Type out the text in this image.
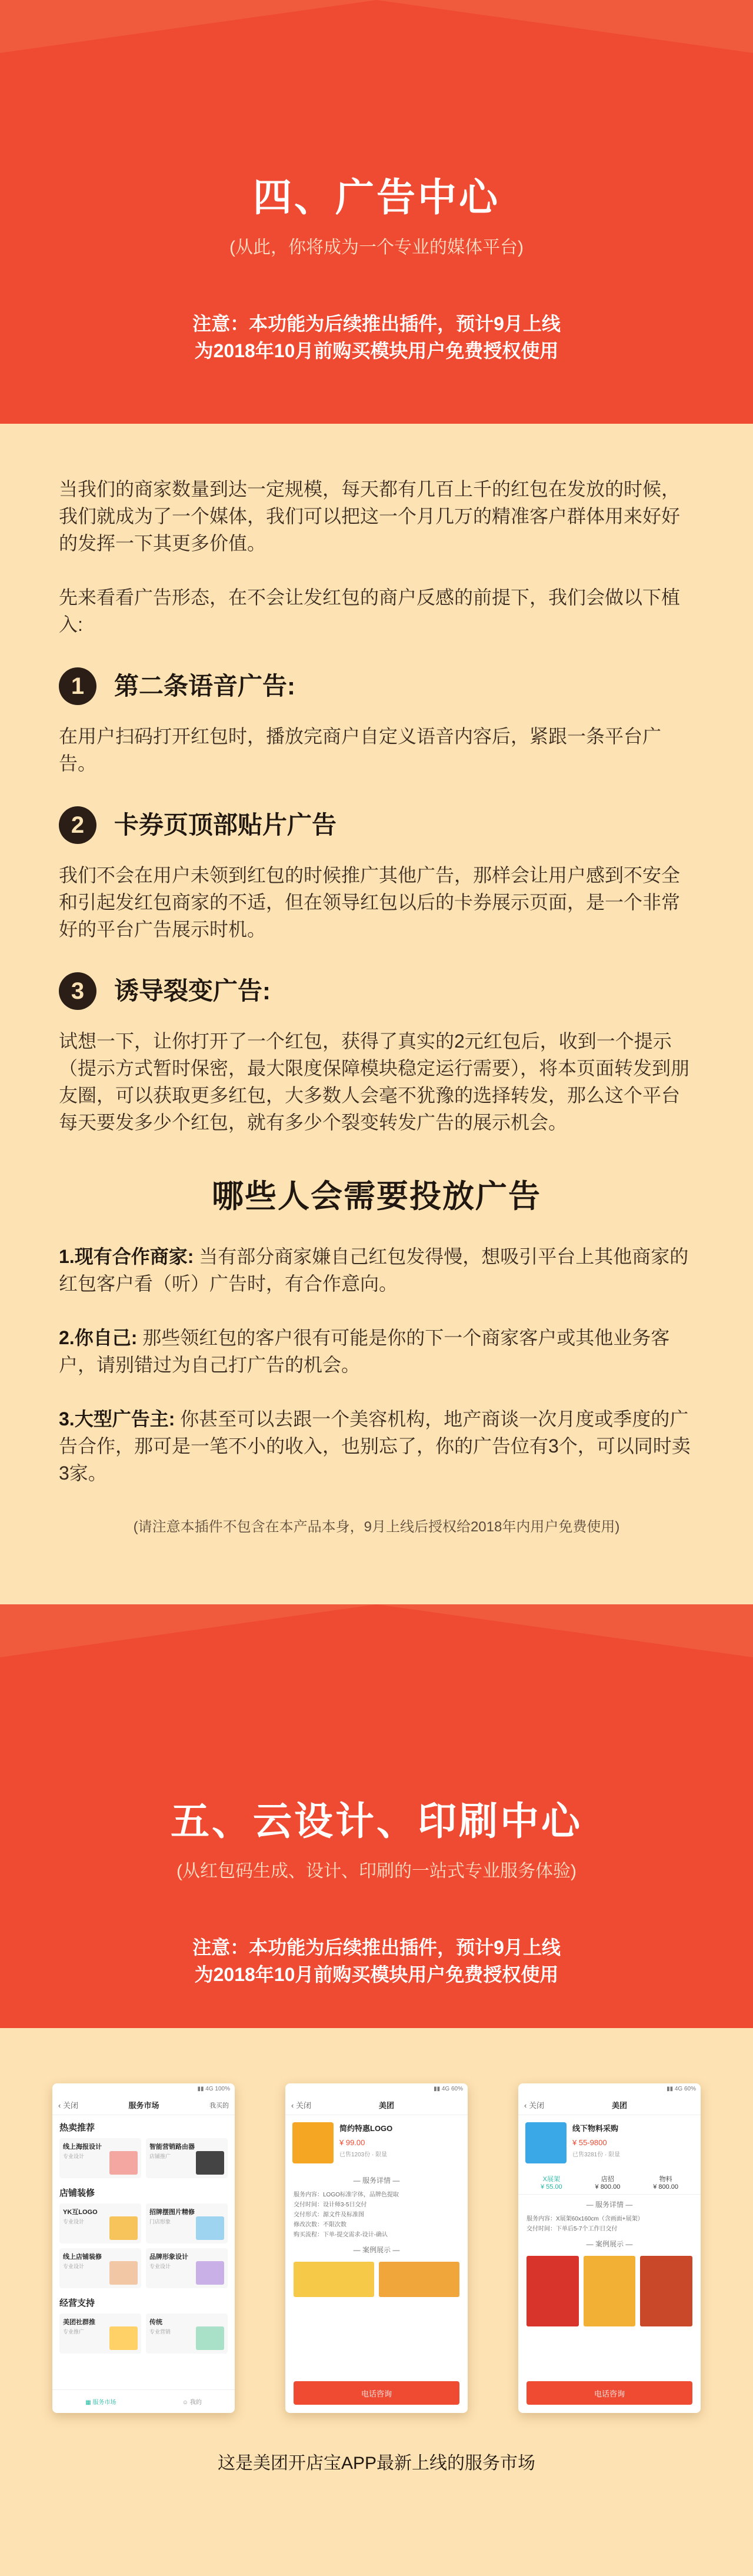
四、广告中心
(从此，你将成为一个专业的媒体平台)
注意：本功能为后续推出插件，预计9月上线
为2018年10月前购买模块用户免费授权使用

当我们的商家数量到达一定规模，每天都有几百上千的红包在发放的时候，我们就成为了一个媒体，我们可以把这一个月几万的精准客户群体用来好好的发挥一下其更多价值。

先来看看广告形态，在不会让发红包的商户反感的前提下，我们会做以下植入:

1	第二条语音广告:
在用户扫码打开红包时，播放完商户自定义语音内容后，紧跟一条平台广告。
2	卡券页顶部贴片广告
我们不会在用户未领到红包的时候推广其他广告，那样会让用户感到不安全和引起发红包商家的不适，但在领导红包以后的卡券展示页面，是一个非常好的平台广告展示时机。
3	诱导裂变广告:
试想一下，让你打开了一个红包，获得了真实的2元红包后，收到一个提示（提示方式暂时保密，最大限度保障模块稳定运行需要），将本页面转发到朋友圈，可以获取更多红包，大多数人会毫不犹豫的选择转发，那么这个平台每天要发多少个红包，就有多少个裂变转发广告的展示机会。
哪些人会需要投放广告

1.现有合作商家: 当有部分商家嫌自己红包发得慢，想吸引平台上其他商家的红包客户看（听）广告时，有合作意向。

2.你自己: 那些领红包的客户很有可能是你的下一个商家客户或其他业务客户，请别错过为自己打广告的机会。

3.大型广告主: 你甚至可以去跟一个美容机构，地产商谈一次月度或季度的广告合作，那可是一笔不小的收入，也别忘了，你的广告位有3个，可以同时卖3家。

(请注意本插件不包含在本产品本身，9月上线后授权给2018年内用户免费使用)
五、云设计、印刷中心
(从红包码生成、设计、印刷的一站式专业服务体验)
注意：本功能为后续推出插件，预计9月上线
为2018年10月前购买模块用户免费授权使用
▮▮ 4G 100%
‹ 关闭	服务市场	我买的
热卖推荐
线上海报设计
专业设计
智能营销路由器
店铺推广
店铺装修
YK互LOGO
专业设计
招牌摆图片精修
门店形象
线上店铺装修
专业设计
品牌形象设计
专业设计
经营支持
美团社群推
专业推广
传统
专业营销
▦ 服务市场	☺ 我的
▮▮ 4G 60%
‹ 关闭	美团
简约特惠LOGO
¥ 99.00
已售1203份 · 限量
— 服务详情 —
服务内容：LOGO标准字体，品牌色提取
交付时间：设计师3-5日交付
交付形式：源文件及标准图
修改次数：不限次数
购买流程：下单-提交需求-设计-确认
— 案例展示 —
电话咨询
▮▮ 4G 60%
‹ 关闭	美团
线下物料采购
¥ 55-9800
已售3281份 · 限量
X展架
¥ 55.00
店招
¥ 800.00
物料
¥ 800.00
— 服务详情 —
服务内容：X展架60x160cm（含画面+展架）
交付时间：下单后5-7个工作日交付
— 案例展示 —
电话咨询
这是美团开店宝APP最新上线的服务市场
